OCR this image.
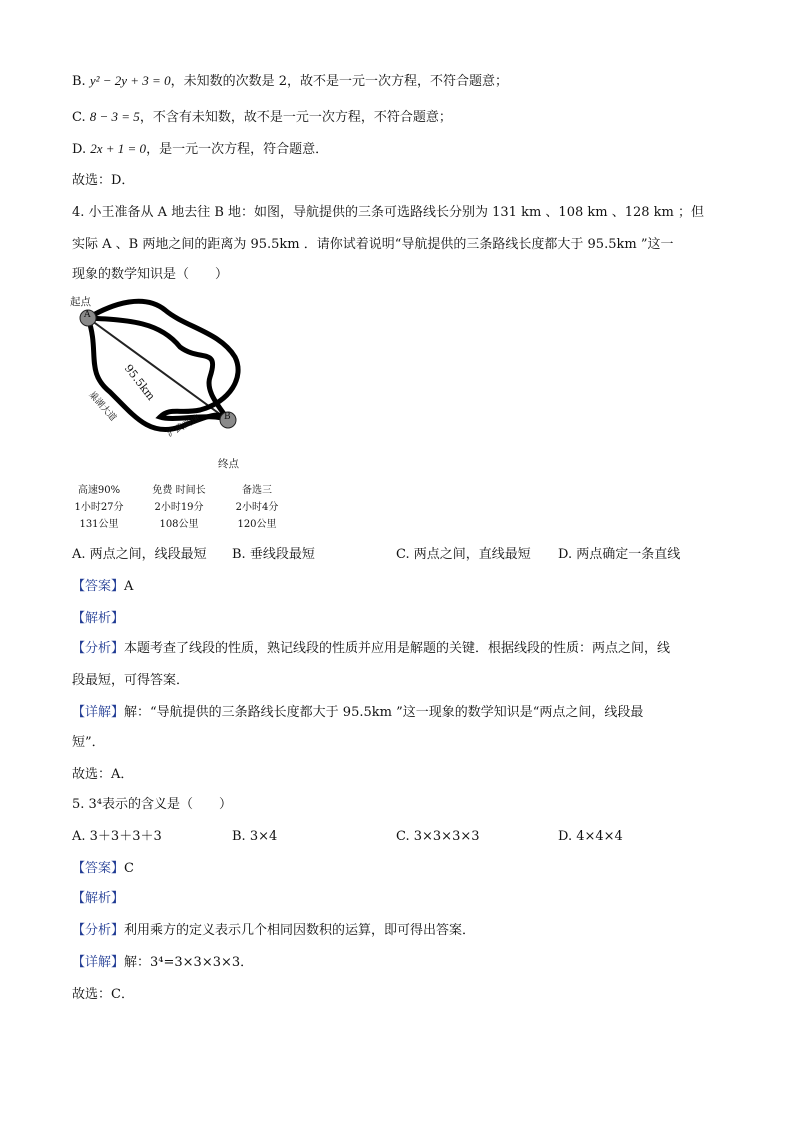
B. y² − 2y + 3 = 0，未知数的次数是 2，故不是一元一次方程，不符合题意；
C. 8 − 3 = 5，不含有未知数，故不是一元一次方程，不符合题意；
D. 2x + 1 = 0，是一元一次方程，符合题意．
故选：D．
4. 小王准备从 A 地去往 B 地：如图，导航提供的三条可选路线长分别为 131 km 、108 km 、128 km ；但
实际 A 、B 两地之间的距离为 95.5km ．请你试着说明“导航提供的三条路线长度都大于 95.5km ”这一
现象的数学知识是（　　）
起点
A
B
终点
95.5km
巢湖大道
沪武高速
高速90%
1小时27分
131公里
免费 时间长
2小时19分
108公里
备选三
2小时4分
120公里
A. 两点之间，线段最短 B. 垂线段最短	C. 两点之间，直线最短 D. 两点确定一条直线
【答案】A
【解析】
【分析】本题考查了线段的性质，熟记线段的性质并应用是解题的关键．根据线段的性质：两点之间，线
段最短，可得答案．
【详解】解：“导航提供的三条路线长度都大于 95.5km ”这一现象的数学知识是“两点之间，线段最
短”．
故选：A．
5. 3⁴表示的含义是（　　）
A. 3＋3＋3＋3	B. 3×4	C. 3×3×3×3	D. 4×4×4
【答案】C
【解析】
【分析】利用乘方的定义表示几个相同因数积的运算，即可得出答案．
【详解】解：3⁴=3×3×3×3．
故选：C．
